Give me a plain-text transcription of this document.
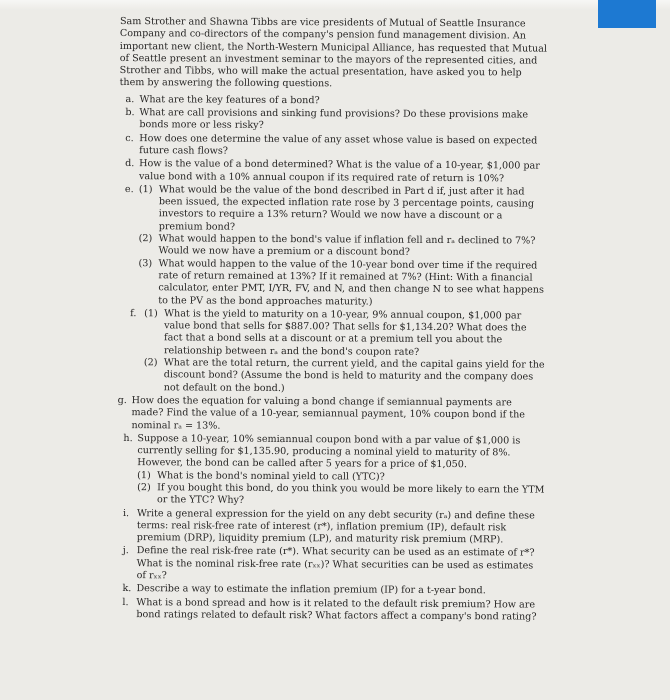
Sam Strother and Shawna Tibbs are vice presidents of Mutual of Seattle Insurance Company and co-directors of the company's pension fund management division. An important new client, the North-Western Municipal Alliance, has requested that Mutual of Seattle present an investment seminar to the mayors of the represented cities, and Strother and Tibbs, who will make the actual presentation, have asked you to help them by answering the following questions.

a. What are the key features of a bond?
b. What are call provisions and sinking fund provisions? Do these provisions make bonds more or less risky?
c. How does one determine the value of any asset whose value is based on expected future cash flows?
d. How is the value of a bond determined? What is the value of a 10-year, $1,000 par value bond with a 10% annual coupon if its required rate of return is 10%?
e. (1) What would be the value of the bond described in Part d if, just after it had been issued, the expected inflation rate rose by 3 percentage points, causing investors to require a 13% return? Would we now have a discount or a premium bond?
(2) What would happen to the bond's value if inflation fell and rₐ declined to 7%? Would we now have a premium or a discount bond?
(3) What would happen to the value of the 10-year bond over time if the required rate of return remained at 13%? If it remained at 7%? (Hint: With a financial calculator, enter PMT, I/YR, FV, and N, and then change N to see what happens to the PV as the bond approaches maturity.)
f. (1) What is the yield to maturity on a 10-year, 9% annual coupon, $1,000 par value bond that sells for $887.00? That sells for $1,134.20? What does the fact that a bond sells at a discount or at a premium tell you about the relationship between rₐ and the bond's coupon rate?
(2) What are the total return, the current yield, and the capital gains yield for the discount bond? (Assume the bond is held to maturity and the company does not default on the bond.)
g. How does the equation for valuing a bond change if semiannual payments are made? Find the value of a 10-year, semiannual payment, 10% coupon bond if the nominal rₐ = 13%.
h. Suppose a 10-year, 10% semiannual coupon bond with a par value of $1,000 is currently selling for $1,135.90, producing a nominal yield to maturity of 8%. However, the bond can be called after 5 years for a price of $1,050.
(1) What is the bond's nominal yield to call (YTC)?
(2) If you bought this bond, do you think you would be more likely to earn the YTM or the YTC? Why?
i. Write a general expression for the yield on any debt security (rₐ) and define these terms: real risk-free rate of interest (r*), inflation premium (IP), default risk premium (DRP), liquidity premium (LP), and maturity risk premium (MRP).
j. Define the real risk-free rate (r*). What security can be used as an estimate of r*? What is the nominal risk-free rate (rₓₓ)? What securities can be used as estimates of rₓₓ?
k. Describe a way to estimate the inflation premium (IP) for a t-year bond.
l. What is a bond spread and how is it related to the default risk premium? How are bond ratings related to default risk? What factors affect a company's bond rating?
